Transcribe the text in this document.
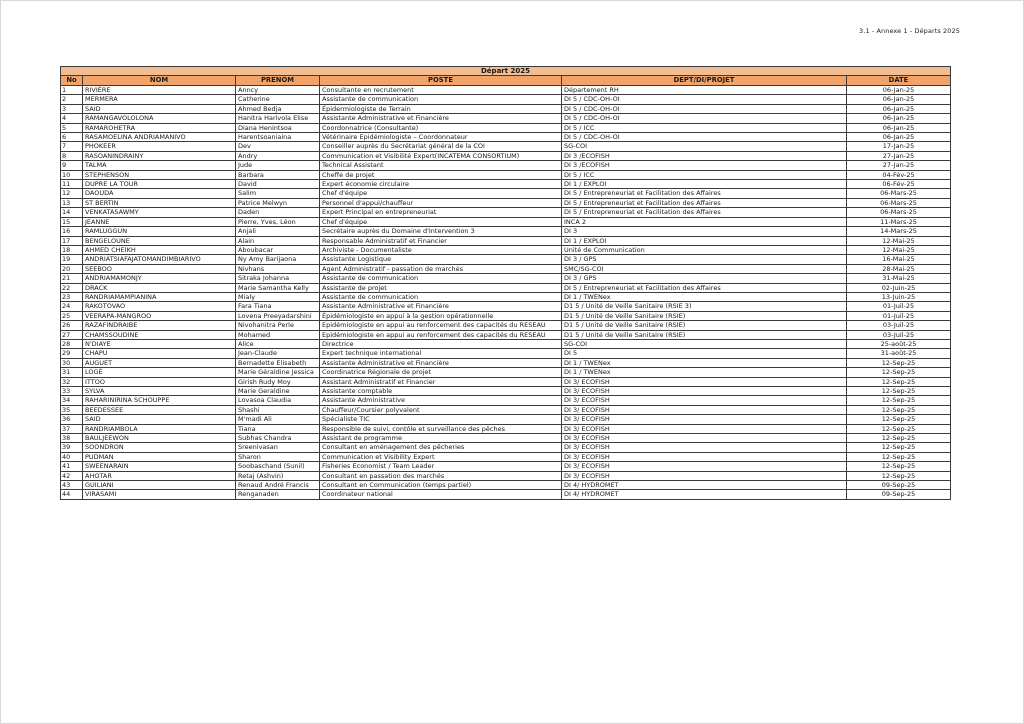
3.1 - Annexe 1 - Départs 2025
Départ 2025					
No	NOM	PRENOM	POSTE	DEPT/DI/PROJET	DATE
1	RIVIÈRE	Anncy	Consultante en recrutement	Département RH	06-Jan-25
2	MERMERA	Catherine	Assistante de communication	DI 5 / CDC-OH-OI	06-Jan-25
3	SAID	Ahmed Bedja	Épidermiologiste de Terrain	DI 5 / CDC-OH-OI	06-Jan-25
4	RAMANGAVOLOLONA	Hanitra Harivola Elise	Assistante Administrative et Financière	DI 5 / CDC-OH-OI	06-Jan-25
5	RAMAROHETRA	Diana Henintsoa	Coordonnatrice (Consultante)	DI 5 / ICC	06-Jan-25
6	RASAMOELINA ANDRIAMANIVO	Harentsoaniaina	Vétérinaire Epidémiologiste – Coordonnateur	DI 5 / CDC-OH-OI	06-Jan-25
7	PHOKEER	Dev	Conseiller auprès du Secrétariat général de la COI	SG-COI	17-Jan-25
8	RASOANINDRAINY	Andry	Communication et Visibilité Expert(INCATEMA CONSORTIUM)	DI 3 /ECOFISH	27-Jan-25
9	TALMA	Jude	Technical Assistant	DI 3 /ECOFISH	27-Jan-25
10	STEPHENSON	Barbara	Cheffe de projet	DI 5 / ICC	04-Fév-25
11	DUPRE LA TOUR	David	Expert économie circulaire	DI 1 / EXPLOI	06-Fév-25
12	DAOUDA	Salim	Chef d'équipe	DI 5 / Entrepreneuriat et Facilitation des Affaires	06-Mars-25
13	ST BERTIN	Patrice Melwyn	Personnel d'appui/chauffeur	DI 5 / Entrepreneuriat et Facilitation des Affaires	06-Mars-25
14	VENKATASAWMY	Daden	Expert Principal en entrepreneuriat	DI 5 / Entrepreneuriat et Facilitation des Affaires	06-Mars-25
15	JEANNE	Pierre, Yves, Léon	Chef d'équipe	INCA 2	11-Mars-25
16	RAMLUGGUN	Anjali	Secrétaire auprès du Domaine d'Intervention 3	DI 3	14-Mars-25
17	BENGELOUNE	Alain	Responsable Administratif et Financier	DI 1 / EXPLOI	12-Mai-25
18	AHMED CHEIKH	Aboubacar	Archiviste - Documentaliste	Unité de Communication	12-Mai-25
19	ANDRIATSIAFAJATOMANDIMBIARIVO	Ny Amy Barijaona	Assistante Logistique	DI 3 / GPS	16-Mai-25
20	SEEBOO	Nivhans	Agent Administratif - passation de marchés	SMC/SG-COI	28-Mai-25
21	ANDRIAMAMONJY	Sitraka Johanna	Assistante de communication	DI 3 / GPS	31-Mai-25
22	DRACK	Marie Samantha Kelly	Assistante de projet	DI 5 / Entrepreneuriat et Facilitation des Affaires	02-Juin-25
23	RANDRIAMAMPIANINA	Mialy	Assistante de communication	DI 1 / TWENex	13-Juin-25
24	RAKOTOVAO	Fara Tiana	Assistante Administrative et Financière	D1 5 / Unité de Veille Sanitaire (RSIE 3)	01-Juil-25
25	VEERAPA-MANGROO	Lovena Preeyadarshini	Épidémiologiste en appui à la gestion opérationnelle	D1 5 / Unité de Veille Sanitaire (RSIE)	01-Juil-25
26	RAZAFINDRAIBE	Nivohanitra Perle	Epidémiologiste en appui au renforcement des capacités du RESEAU	D1 5 / Unité de Veille Sanitaire (RSIE)	03-Juil-25
27	CHAMSSOUDINE	Mohamed	Epidémiologiste en appui au renforcement des capacités du RESEAU	D1 5 / Unité de Veille Sanitaire (RSIE)	03-Juil-25
28	N'DIAYE	Alice	Directrice	SG-COI	25-août-25
29	CHAPU	Jean-Claude	Expert technique international	DI 5	31-août-25
30	AUGUET	Bernadette Elisabeth	Assistante Administrative et Financière	DI 1 / TWENex	12-Sep-25
31	LOGÉ	Marie Géraldine Jessica	Coordinatrice Régionale de projet	DI 1 / TWENex	12-Sep-25
32	ITTOO	Girish Rudy Moy	Assistant Administratif et Financier	DI 3/ ECOFISH	12-Sep-25
33	SYLVA	Marie Geraldine	Assistante comptable	DI 3/ ECOFISH	12-Sep-25
34	RAHARINIRINA SCHOUPPE	Lovasoa Claudia	Assistante Administrative	DI 3/ ECOFISH	12-Sep-25
35	BEEDESSEE	Shashi	Chauffeur/Coursier polyvalent	DI 3/ ECOFISH	12-Sep-25
36	SAID	M'madi Ali	Spécialiste TIC	DI 3/ ECOFISH	12-Sep-25
37	RANDRIAMBOLA	Tiana	Responsible de suivi, contôle et surveillance des pêches	DI 3/ ECOFISH	12-Sep-25
38	BAULJEEWON	Subhas Chandra	Assistant de programme	DI 3/ ECOFISH	12-Sep-25
39	SOONDRON	Sreenivasan	Consultant en aménagement des pêcheries	DI 3/ ECOFISH	12-Sep-25
40	PUDMAN	Sharon	Communication et Visibility Expert	DI 3/ ECOFISH	12-Sep-25
41	SWEENARAIN	Soobaschand (Sunil)	Fisheries Economist / Team Leader	DI 3/ ECOFISH	12-Sep-25
42	AHOTAR	Retaj (Ashvin)	Consultant en passation des marchés	DI 3/ ECOFISH	12-Sep-25
43	GUILIANI	Renaud André Francis	Consultant en Communication (temps partiel)	DI 4/ HYDROMET	09-Sep-25
44	VIRASAMI	Renganaden	Coordinateur national	DI 4/ HYDROMET	09-Sep-25
